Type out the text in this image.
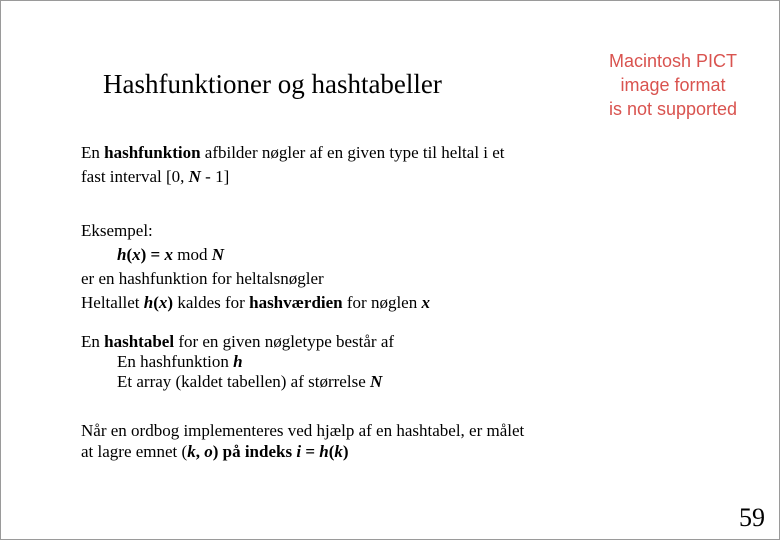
Hashfunktioner og hashtabeller
Macintosh PICT
image format
is not supported
En hashfunktion afbilder nøgler af en given type til heltal i et
fast interval [0, N - 1]
Eksempel:
h(x) = x mod N
er en hashfunktion for heltalsnøgler
Heltallet h(x) kaldes for hashværdien for nøglen x
En hashtabel for en given nøgletype består af
En hashfunktion h
Et array (kaldet tabellen) af størrelse N
Når en ordbog implementeres ved hjælp af en hashtabel, er målet
at lagre emnet (k, o) på indeks i = h(k)
59
